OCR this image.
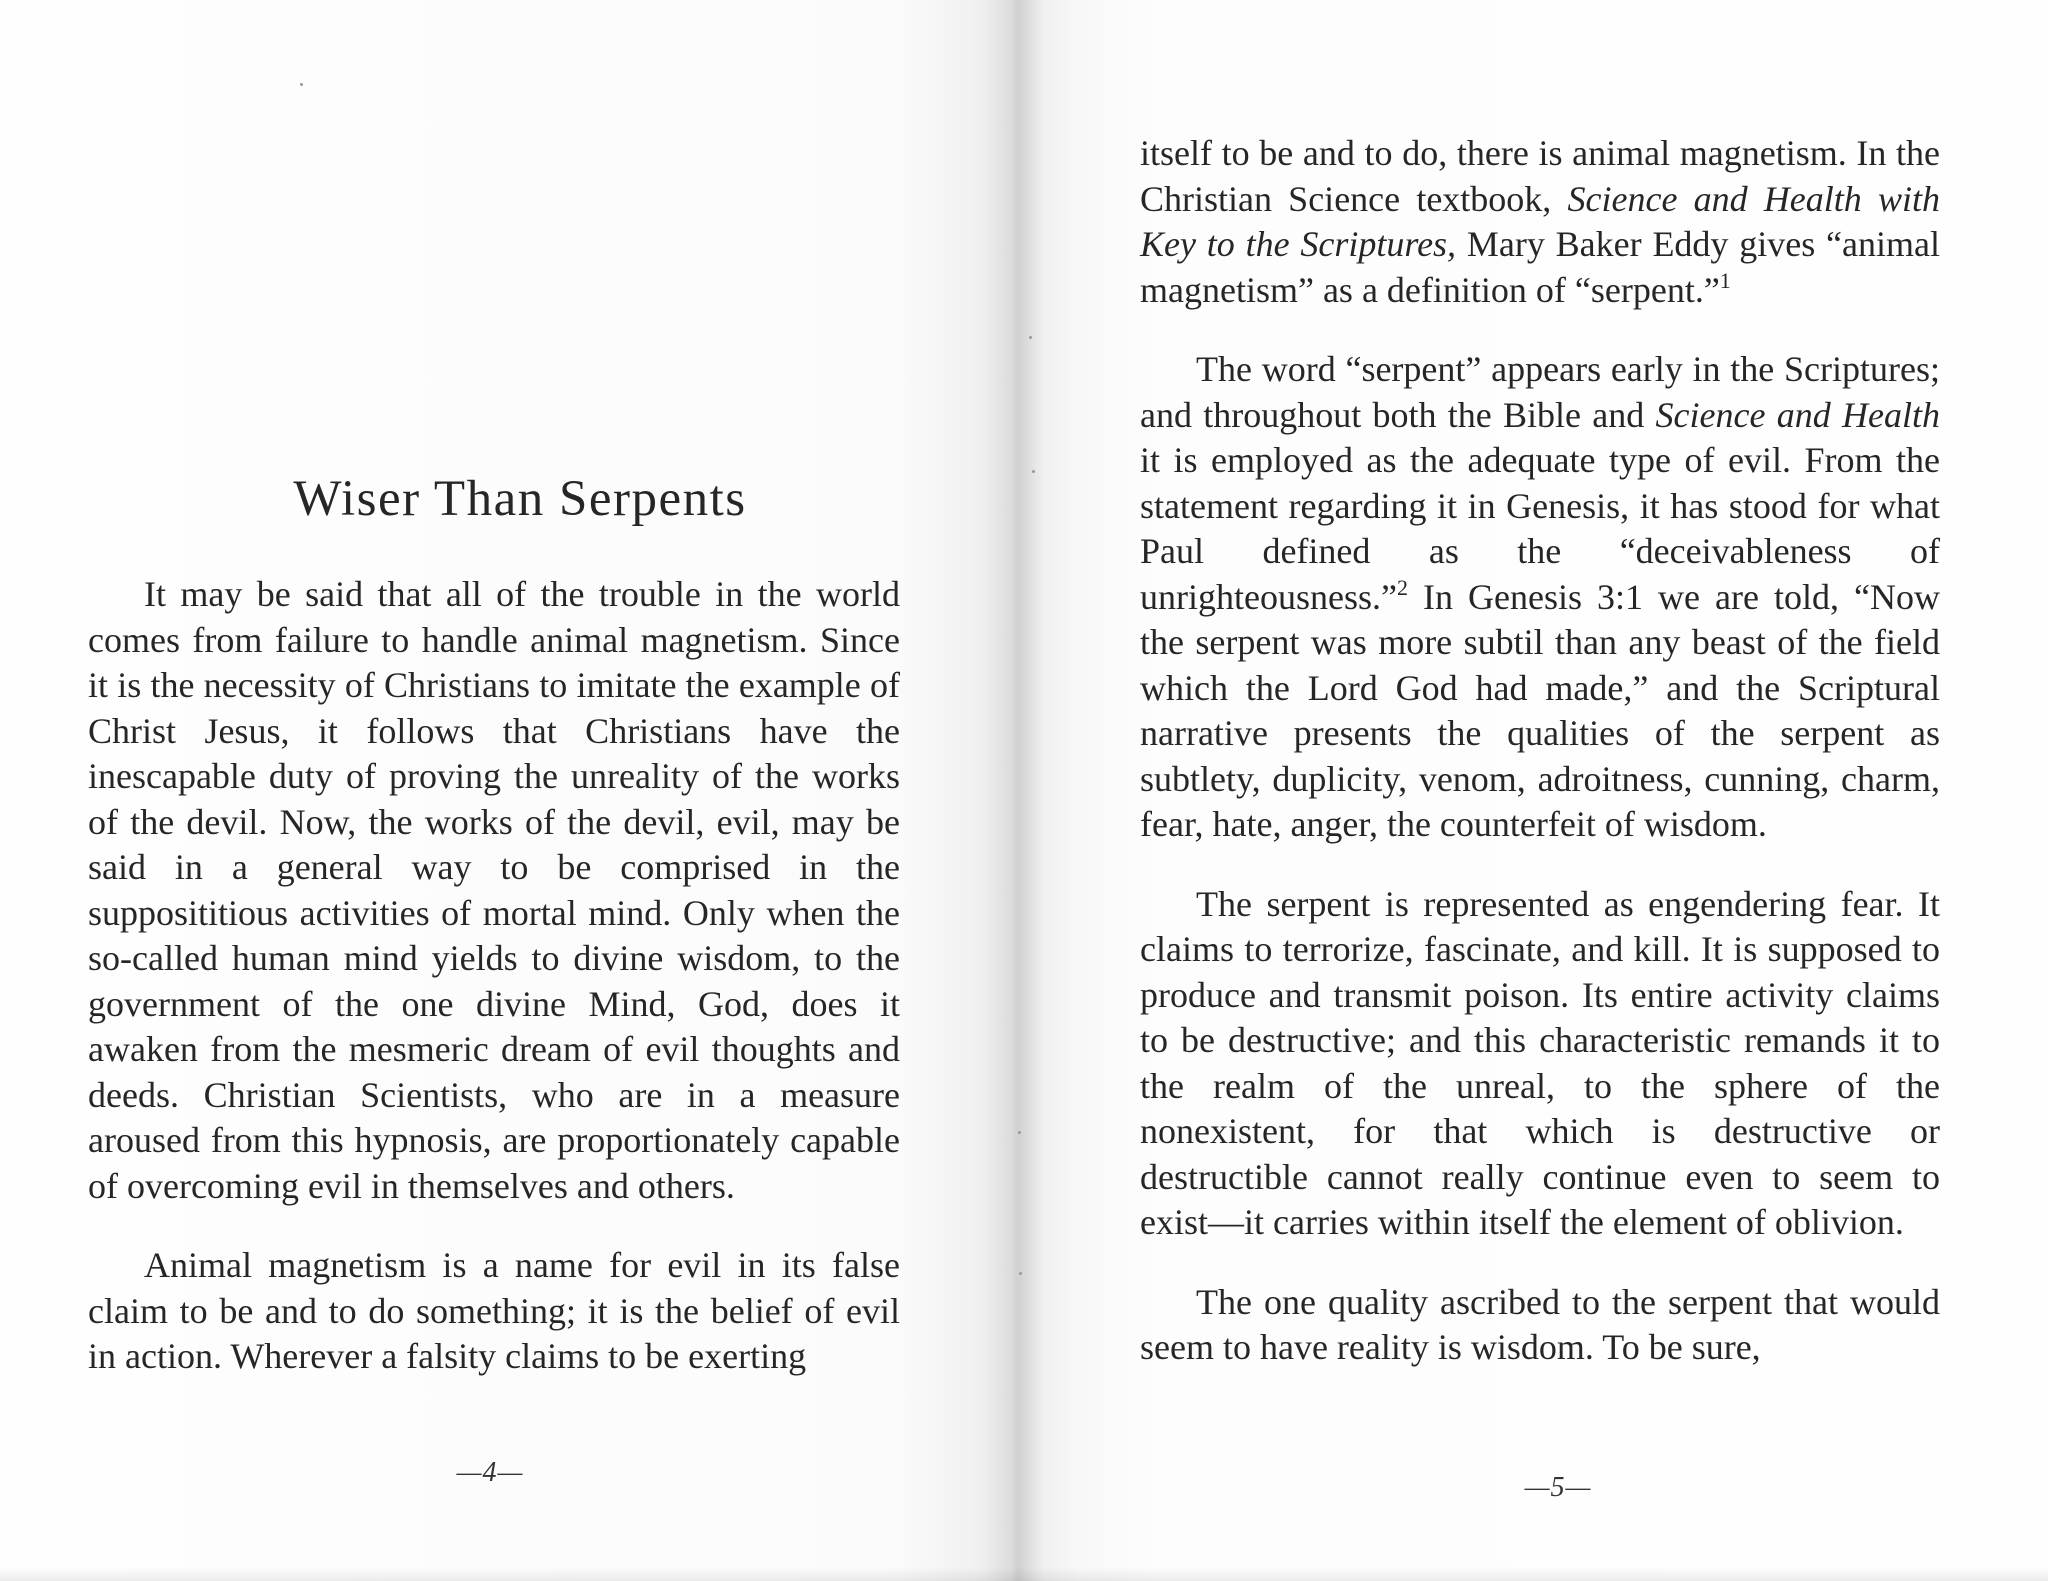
Wiser Than Serpents

It may be said that all of the trouble in the world comes from failure to handle animal magnetism. Since it is the necessity of Christians to imitate the example of Christ Jesus, it follows that Christians have the inescapable duty of proving the unreality of the works of the devil. Now, the works of the devil, evil, may be said in a general way to be comprised in the supposititious activities of mortal mind. Only when the so-called human mind yields to divine wisdom, to the government of the one divine Mind, God, does it awaken from the mesmeric dream of evil thoughts and deeds. Christian Scientists, who are in a measure aroused from this hypnosis, are proportionately capable of overcoming evil in themselves and others.

Animal magnetism is a name for evil in its false claim to be and to do something; it is the belief of evil in action. Wherever a falsity claims to be exerting

—4—

itself to be and to do, there is animal magnetism. In the Christian Science textbook, Science and Health with Key to the Scriptures, Mary Baker Eddy gives “animal magnetism” as a definition of “serpent.”$^1$

The word “serpent” appears early in the Scriptures; and throughout both the Bible and Science and Health it is employed as the adequate type of evil. From the statement regarding it in Genesis, it has stood for what Paul defined as the “deceivableness of unrighteousness.”$^2$ In Genesis 3:1 we are told, “Now the serpent was more subtil than any beast of the field which the Lord God had made,” and the Scriptural narrative presents the qualities of the serpent as subtlety, duplicity, venom, adroitness, cunning, charm, fear, hate, anger, the counterfeit of wisdom.

The serpent is represented as engendering fear. It claims to terrorize, fascinate, and kill. It is supposed to produce and transmit poison. Its entire activity claims to be destructive; and this characteristic remands it to the realm of the unreal, to the sphere of the nonexistent, for that which is destructive or destructible cannot really continue even to seem to exist—it carries within itself the element of oblivion.

The one quality ascribed to the serpent that would seem to have reality is wisdom. To be sure,

—5—
